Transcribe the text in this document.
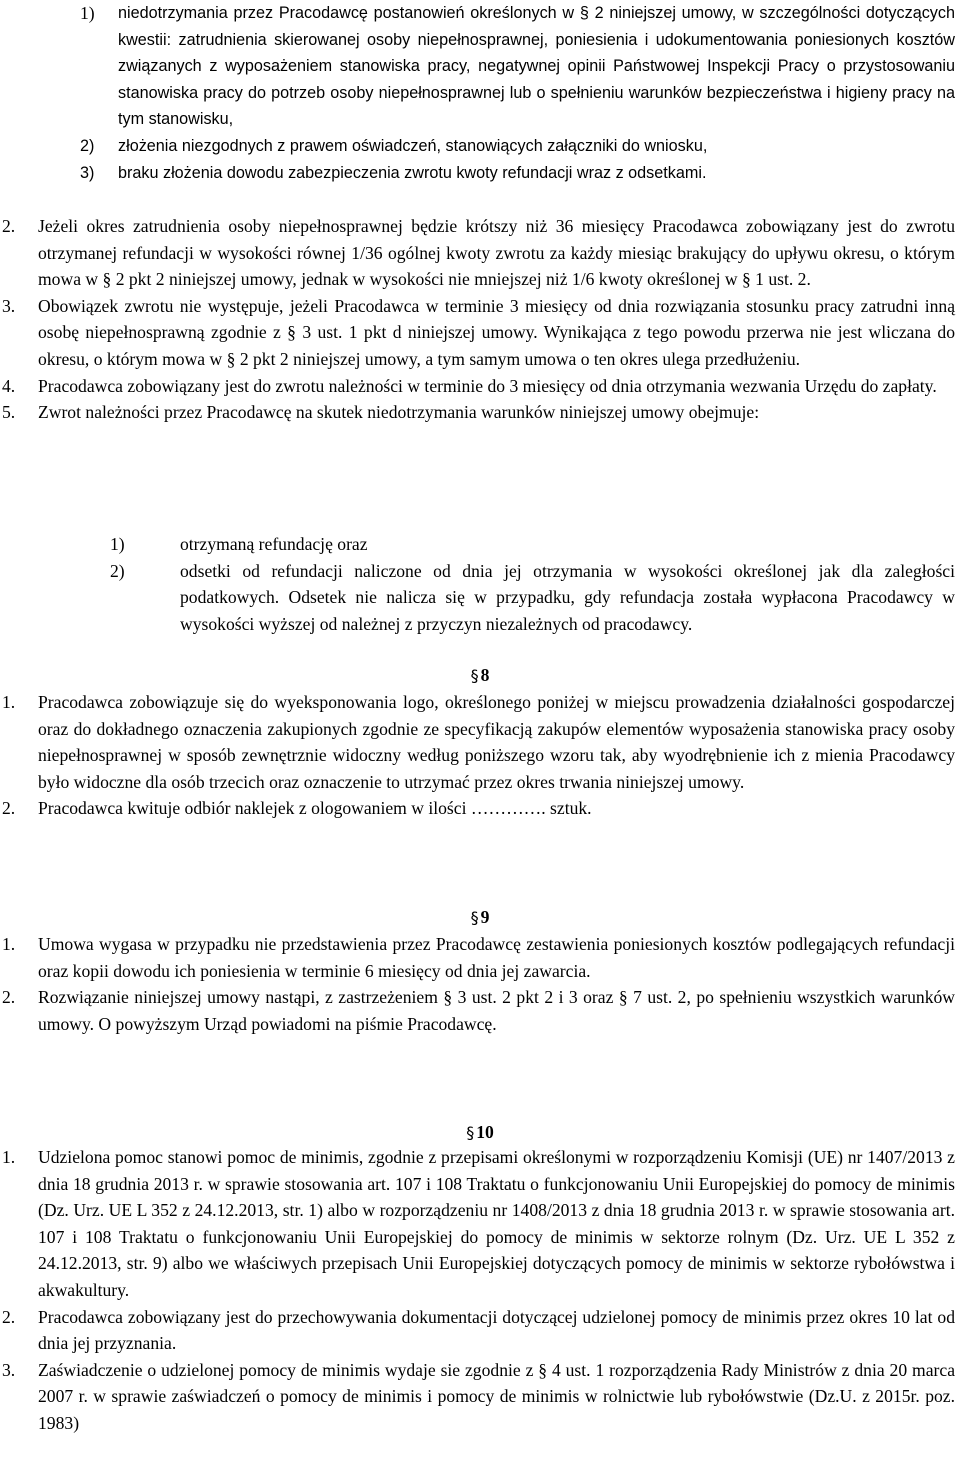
1)	niedotrzymania przez Pracodawcę postanowień określonych w § 2 niniejszej umowy, w szczególności dotyczących kwestii: zatrudnienia skierowanej osoby niepełnosprawnej, poniesienia i udokumentowania poniesionych kosztów związanych z wyposażeniem stanowiska pracy, negatywnej opinii Państwowej Inspekcji Pracy o przystosowaniu stanowiska pracy do potrzeb osoby niepełnosprawnej lub o spełnieniu warunków bezpieczeństwa i higieny pracy na tym stanowisku,
2)	złożenia niezgodnych z prawem oświadczeń, stanowiących załączniki do wniosku,
3)	braku złożenia dowodu zabezpieczenia zwrotu kwoty refundacji wraz z odsetkami.
2.	Jeżeli okres zatrudnienia osoby niepełnosprawnej będzie krótszy niż 36 miesięcy Pracodawca zobowiązany jest do zwrotu otrzymanej refundacji w wysokości równej 1/36 ogólnej kwoty zwrotu za każdy miesiąc brakujący do upływu okresu, o którym mowa w § 2 pkt 2 niniejszej umowy, jednak w wysokości nie mniejszej niż 1/6 kwoty określonej w § 1 ust. 2.
3.	Obowiązek zwrotu nie występuje, jeżeli Pracodawca w terminie 3 miesięcy od dnia rozwiązania stosunku pracy zatrudni inną osobę niepełnosprawną zgodnie z § 3 ust. 1 pkt d niniejszej umowy. Wynikająca z tego powodu przerwa nie jest wliczana do okresu, o którym mowa w § 2 pkt 2 niniejszej umowy, a tym samym umowa o ten okres ulega przedłużeniu.
4.	Pracodawca zobowiązany jest do zwrotu należności w terminie do 3 miesięcy od dnia otrzymania wezwania Urzędu do zapłaty.
5.	Zwrot należności przez Pracodawcę na skutek niedotrzymania warunków niniejszej umowy obejmuje:
1)	otrzymaną refundację oraz
2)	odsetki od refundacji naliczone od dnia jej otrzymania w wysokości określonej jak dla zaległości podatkowych. Odsetek nie nalicza się w przypadku, gdy refundacja została wypłacona Pracodawcy w wysokości wyższej od należnej z przyczyn niezależnych od pracodawcy.
§ 8
1.	Pracodawca zobowiązuje się do wyeksponowania logo, określonego poniżej w miejscu prowadzenia działalności gospodarczej oraz do dokładnego oznaczenia zakupionych zgodnie ze specyfikacją zakupów elementów wyposażenia stanowiska pracy osoby niepełnosprawnej w sposób zewnętrznie widoczny według poniższego wzoru tak, aby wyodrębnienie ich z mienia Pracodawcy było widoczne dla osób trzecich oraz oznaczenie to utrzymać przez okres trwania niniejszej umowy.
2.	Pracodawca kwituje odbiór naklejek z ologowaniem w ilości …………. sztuk.
§ 9
1.	Umowa wygasa w przypadku nie przedstawienia przez Pracodawcę zestawienia poniesionych kosztów podlegających refundacji oraz kopii dowodu ich poniesienia w terminie 6 miesięcy od dnia jej zawarcia.
2.	Rozwiązanie niniejszej umowy nastąpi, z zastrzeżeniem § 3 ust. 2 pkt 2 i 3 oraz § 7 ust. 2, po spełnieniu wszystkich warunków umowy. O powyższym Urząd powiadomi na piśmie Pracodawcę.
§ 10
1.	Udzielona pomoc stanowi pomoc de minimis, zgodnie z przepisami określonymi w rozporządzeniu Komisji (UE) nr 1407/2013 z dnia 18 grudnia 2013 r. w sprawie stosowania art. 107 i 108 Traktatu o funkcjonowaniu Unii Europejskiej do pomocy de minimis (Dz. Urz. UE L 352 z 24.12.2013, str. 1) albo w rozporządzeniu nr 1408/2013 z dnia 18 grudnia 2013 r. w sprawie stosowania art. 107 i 108 Traktatu o funkcjonowaniu Unii Europejskiej do pomocy de minimis w sektorze rolnym (Dz. Urz. UE L 352 z 24.12.2013, str. 9) albo we właściwych przepisach Unii Europejskiej dotyczących pomocy de minimis w sektorze rybołówstwa i akwakultury.
2.	Pracodawca zobowiązany jest do przechowywania dokumentacji dotyczącej udzielonej pomocy de minimis przez okres 10 lat od dnia jej przyznania.
3.	Zaświadczenie o udzielonej pomocy de minimis wydaje sie zgodnie z § 4 ust. 1 rozporządzenia Rady Ministrów z dnia 20 marca 2007 r. w sprawie zaświadczeń o pomocy de minimis i pomocy de minimis w rolnictwie lub rybołówstwie (Dz.U. z 2015r. poz. 1983)
